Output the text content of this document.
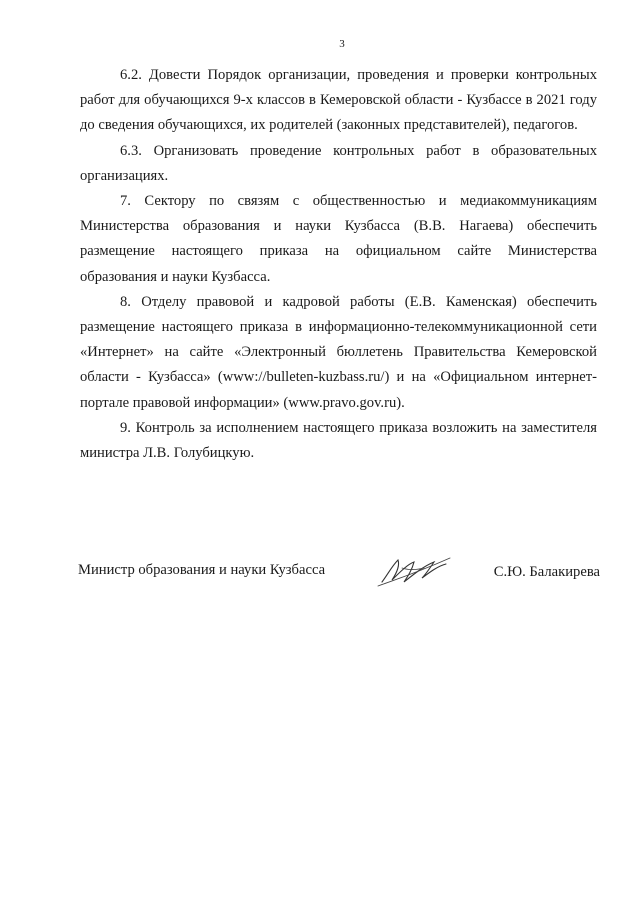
3

6.2. Довести Порядок организации, проведения и проверки контрольных работ для обучающихся 9-х классов в Кемеровской области - Кузбассе в 2021 году до сведения обучающихся, их родителей (законных представителей), педагогов.

6.3. Организовать проведение контрольных работ в образовательных организациях.

7. Сектору по связям с общественностью и медиакоммуникациям Министерства образования и науки Кузбасса (В.В. Нагаева) обеспечить размещение настоящего приказа на официальном сайте Министерства образования и науки Кузбасса.

8. Отделу правовой и кадровой работы (Е.В. Каменская) обеспечить размещение настоящего приказа в информационно-телекоммуникационной сети «Интернет» на сайте «Электронный бюллетень Правительства Кемеровской области - Кузбасса» (www://bulleten-kuzbass.ru/) и на «Официальном интернет-портале правовой информации» (www.pravo.gov.ru).

9. Контроль за исполнением настоящего приказа возложить на заместителя министра Л.В. Голубицкую.

Министр образования и науки Кузбасса	С.Ю. Балакирева
